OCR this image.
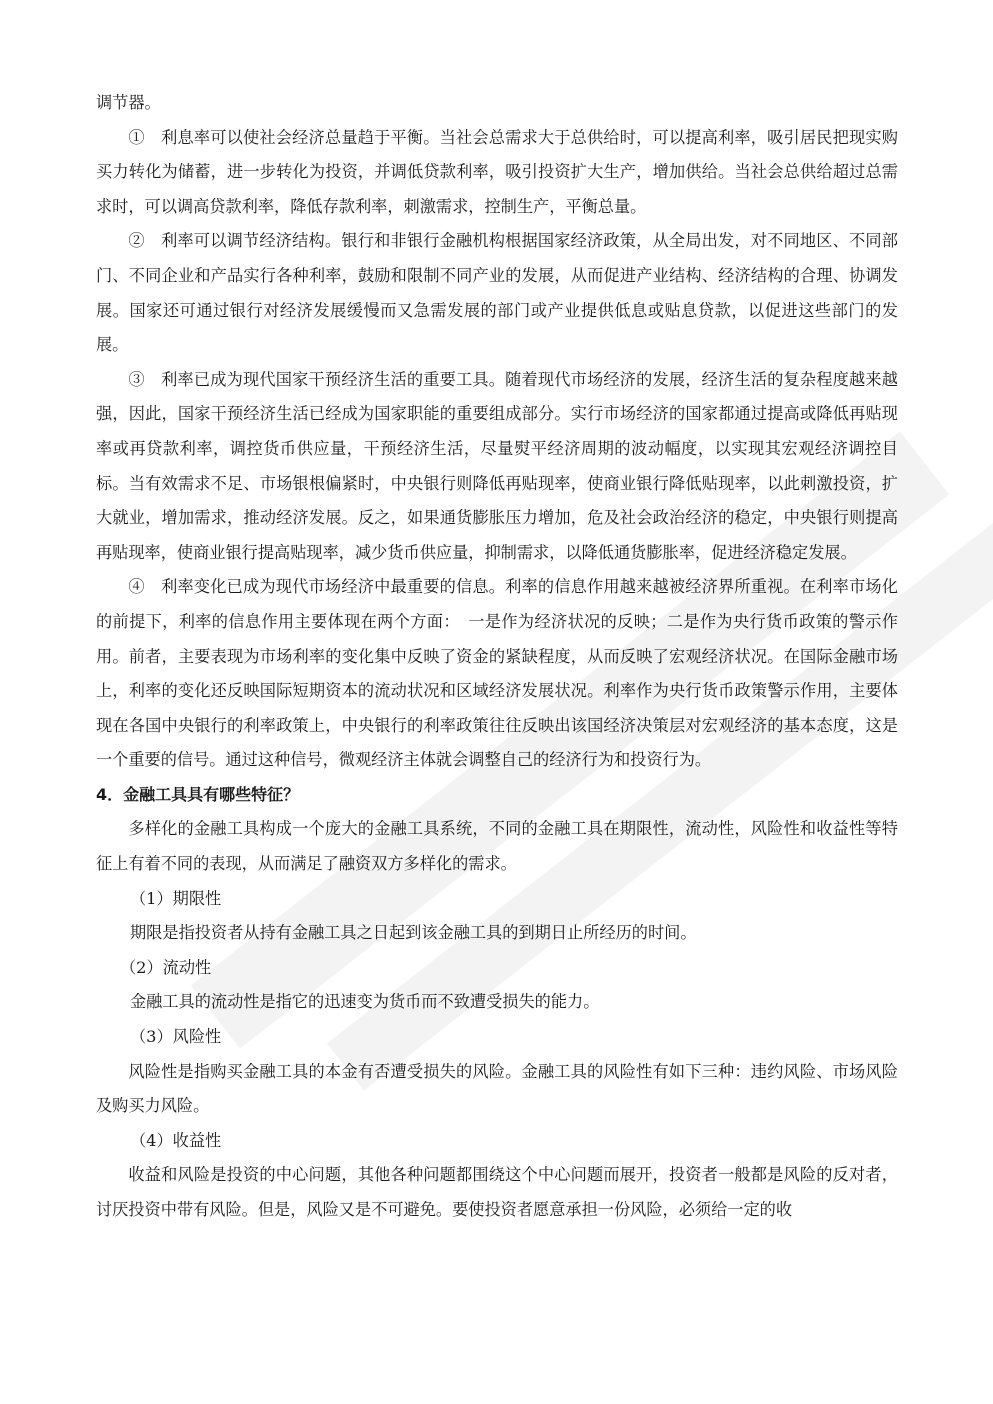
调节器。

①　利息率可以使社会经济总量趋于平衡。当社会总需求大于总供给时，可以提高利率，吸引居民把现实购买力转化为储蓄，进一步转化为投资，并调低贷款利率，吸引投资扩大生产，增加供给。当社会总供给超过总需求时，可以调高贷款利率，降低存款利率，刺激需求，控制生产，平衡总量。

②　利率可以调节经济结构。银行和非银行金融机构根据国家经济政策，从全局出发，对不同地区、不同部门、不同企业和产品实行各种利率，鼓励和限制不同产业的发展，从而促进产业结构、经济结构的合理、协调发展。国家还可通过银行对经济发展缓慢而又急需发展的部门或产业提供低息或贴息贷款，以促进这些部门的发展。

③　利率已成为现代国家干预经济生活的重要工具。随着现代市场经济的发展，经济生活的复杂程度越来越强，因此，国家干预经济生活已经成为国家职能的重要组成部分。实行市场经济的国家都通过提高或降低再贴现率或再贷款利率，调控货币供应量，干预经济生活，尽量熨平经济周期的波动幅度，以实现其宏观经济调控目标。当有效需求不足、市场银根偏紧时，中央银行则降低再贴现率，使商业银行降低贴现率，以此刺激投资，扩大就业，增加需求，推动经济发展。反之，如果通货膨胀压力增加，危及社会政治经济的稳定，中央银行则提高再贴现率，使商业银行提高贴现率，减少货币供应量，抑制需求，以降低通货膨胀率，促进经济稳定发展。

④　利率变化已成为现代市场经济中最重要的信息。利率的信息作用越来越被经济界所重视。在利率市场化的前提下，利率的信息作用主要体现在两个方面：　一是作为经济状况的反映；二是作为央行货币政策的警示作用。前者，主要表现为市场利率的变化集中反映了资金的紧缺程度，从而反映了宏观经济状况。在国际金融市场上，利率的变化还反映国际短期资本的流动状况和区域经济发展状况。利率作为央行货币政策警示作用，主要体现在各国中央银行的利率政策上，中央银行的利率政策往往反映出该国经济决策层对宏观经济的基本态度，这是一个重要的信号。通过这种信号，微观经济主体就会调整自己的经济行为和投资行为。

4．金融工具具有哪些特征？

多样化的金融工具构成一个庞大的金融工具系统，不同的金融工具在期限性，流动性，风险性和收益性等特征上有着不同的表现，从而满足了融资双方多样化的需求。

（1）期限性

期限是指投资者从持有金融工具之日起到该金融工具的到期日止所经历的时间。

（2）流动性

金融工具的流动性是指它的迅速变为货币而不致遭受损失的能力。

（3）风险性

风险性是指购买金融工具的本金有否遭受损失的风险。金融工具的风险性有如下三种：违约风险、市场风险及购买力风险。

（4）收益性

收益和风险是投资的中心问题，其他各种问题都围绕这个中心问题而展开，投资者一般都是风险的反对者，讨厌投资中带有风险。但是，风险又是不可避免。要使投资者愿意承担一份风险，必须给一定的收
